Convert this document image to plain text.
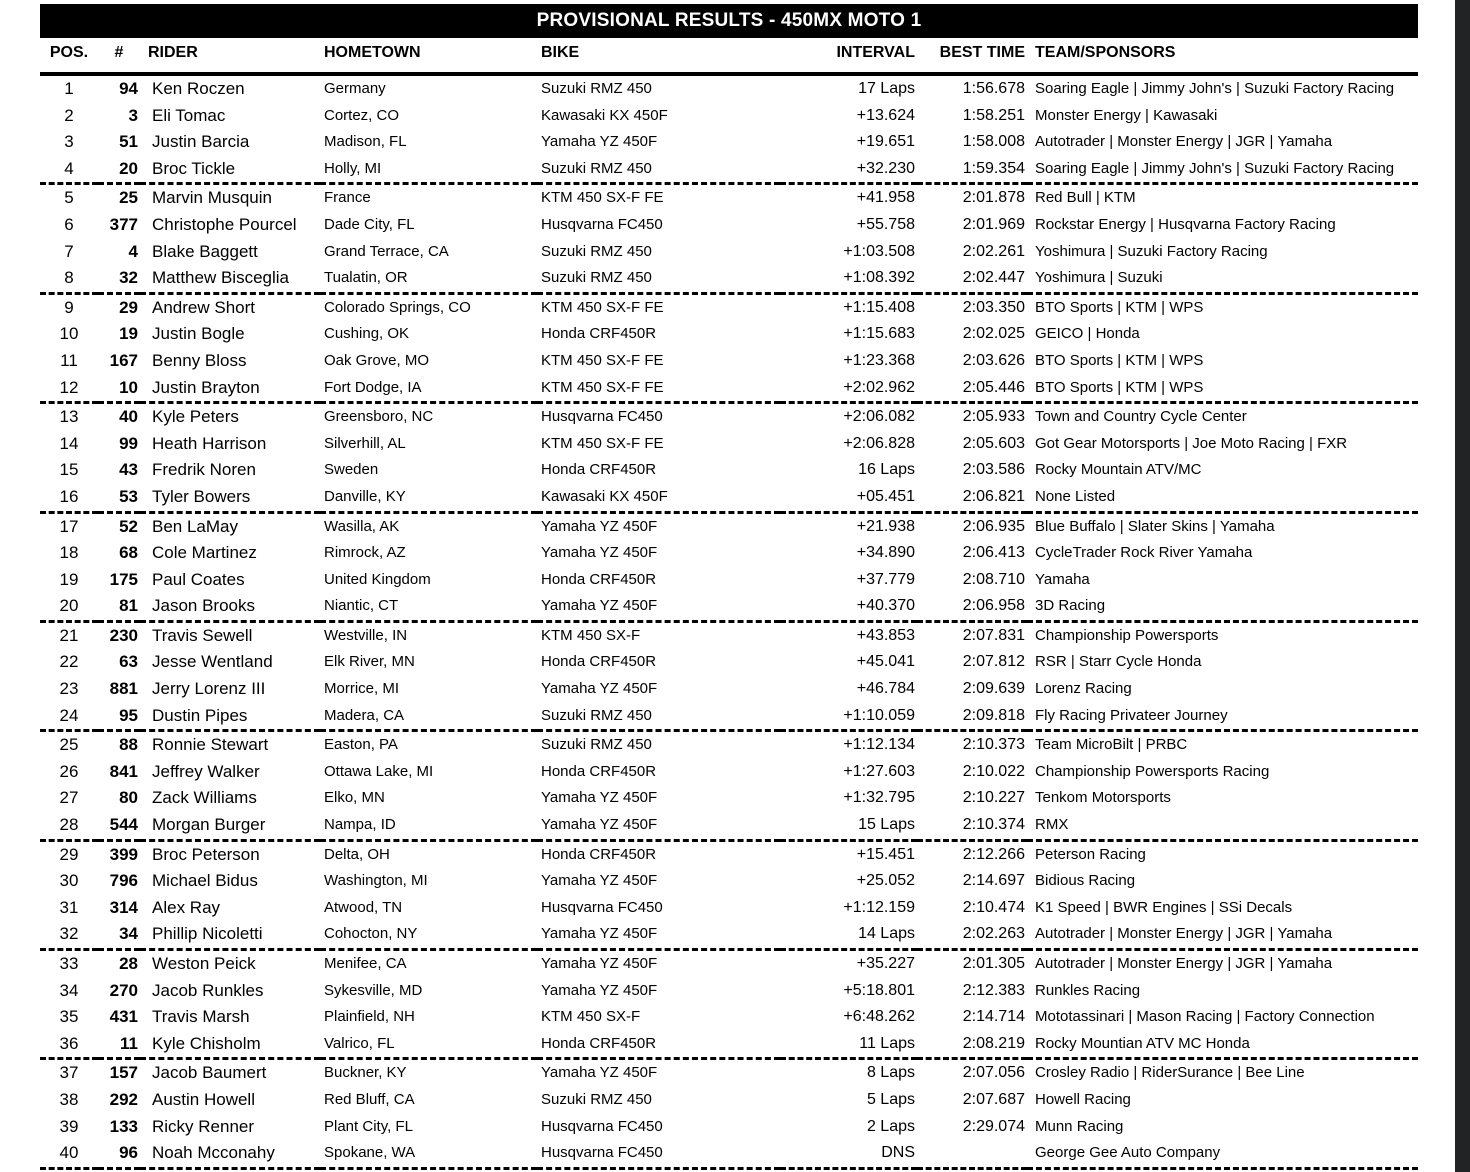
PROVISIONAL RESULTS - 450MX MOTO 1
POS.	#	RIDER	HOMETOWN	BIKE	INTERVAL	BEST TIME	TEAM/SPONSORS
1	94	Ken Roczen	Germany	Suzuki RMZ 450	17 Laps	1:56.678	Soaring Eagle | Jimmy John's | Suzuki Factory Racing
2	3	Eli Tomac	Cortez, CO	Kawasaki KX 450F	+13.624	1:58.251	Monster Energy | Kawasaki
3	51	Justin Barcia	Madison, FL	Yamaha YZ 450F	+19.651	1:58.008	Autotrader | Monster Energy | JGR | Yamaha
4	20	Broc Tickle	Holly, MI	Suzuki RMZ 450	+32.230	1:59.354	Soaring Eagle | Jimmy John's | Suzuki Factory Racing
5	25	Marvin Musquin	France	KTM 450 SX-F FE	+41.958	2:01.878	Red Bull | KTM
6	377	Christophe Pourcel	Dade City, FL	Husqvarna FC450	+55.758	2:01.969	Rockstar Energy | Husqvarna Factory Racing
7	4	Blake Baggett	Grand Terrace, CA	Suzuki RMZ 450	+1:03.508	2:02.261	Yoshimura | Suzuki Factory Racing
8	32	Matthew Bisceglia	Tualatin, OR	Suzuki RMZ 450	+1:08.392	2:02.447	Yoshimura | Suzuki
9	29	Andrew Short	Colorado Springs, CO	KTM 450 SX-F FE	+1:15.408	2:03.350	BTO Sports | KTM | WPS
10	19	Justin Bogle	Cushing, OK	Honda CRF450R	+1:15.683	2:02.025	GEICO | Honda
11	167	Benny Bloss	Oak Grove, MO	KTM 450 SX-F FE	+1:23.368	2:03.626	BTO Sports | KTM | WPS
12	10	Justin Brayton	Fort Dodge, IA	KTM 450 SX-F FE	+2:02.962	2:05.446	BTO Sports | KTM | WPS
13	40	Kyle Peters	Greensboro, NC	Husqvarna FC450	+2:06.082	2:05.933	Town and Country Cycle Center
14	99	Heath Harrison	Silverhill, AL	KTM 450 SX-F FE	+2:06.828	2:05.603	Got Gear Motorsports | Joe Moto Racing | FXR
15	43	Fredrik Noren	Sweden	Honda CRF450R	16 Laps	2:03.586	Rocky Mountain ATV/MC
16	53	Tyler Bowers	Danville, KY	Kawasaki KX 450F	+05.451	2:06.821	None Listed
17	52	Ben LaMay	Wasilla, AK	Yamaha YZ 450F	+21.938	2:06.935	Blue Buffalo | Slater Skins | Yamaha
18	68	Cole Martinez	Rimrock, AZ	Yamaha YZ 450F	+34.890	2:06.413	CycleTrader Rock River Yamaha
19	175	Paul Coates	United Kingdom	Honda CRF450R	+37.779	2:08.710	Yamaha
20	81	Jason Brooks	Niantic, CT	Yamaha YZ 450F	+40.370	2:06.958	3D Racing
21	230	Travis Sewell	Westville, IN	KTM 450 SX-F	+43.853	2:07.831	Championship Powersports
22	63	Jesse Wentland	Elk River, MN	Honda CRF450R	+45.041	2:07.812	RSR | Starr Cycle Honda
23	881	Jerry Lorenz III	Morrice, MI	Yamaha YZ 450F	+46.784	2:09.639	Lorenz Racing
24	95	Dustin Pipes	Madera, CA	Suzuki RMZ 450	+1:10.059	2:09.818	Fly Racing Privateer Journey
25	88	Ronnie Stewart	Easton, PA	Suzuki RMZ 450	+1:12.134	2:10.373	Team MicroBilt | PRBC
26	841	Jeffrey Walker	Ottawa Lake, MI	Honda CRF450R	+1:27.603	2:10.022	Championship Powersports Racing
27	80	Zack Williams	Elko, MN	Yamaha YZ 450F	+1:32.795	2:10.227	Tenkom Motorsports
28	544	Morgan Burger	Nampa, ID	Yamaha YZ 450F	15 Laps	2:10.374	RMX
29	399	Broc Peterson	Delta, OH	Honda CRF450R	+15.451	2:12.266	Peterson Racing
30	796	Michael Bidus	Washington, MI	Yamaha YZ 450F	+25.052	2:14.697	Bidious Racing
31	314	Alex Ray	Atwood, TN	Husqvarna FC450	+1:12.159	2:10.474	K1 Speed | BWR Engines | SSi Decals
32	34	Phillip Nicoletti	Cohocton, NY	Yamaha YZ 450F	14 Laps	2:02.263	Autotrader | Monster Energy | JGR | Yamaha
33	28	Weston Peick	Menifee, CA	Yamaha YZ 450F	+35.227	2:01.305	Autotrader | Monster Energy | JGR | Yamaha
34	270	Jacob Runkles	Sykesville, MD	Yamaha YZ 450F	+5:18.801	2:12.383	Runkles Racing
35	431	Travis Marsh	Plainfield, NH	KTM 450 SX-F	+6:48.262	2:14.714	Mototassinari | Mason Racing | Factory Connection
36	11	Kyle Chisholm	Valrico, FL	Honda CRF450R	11 Laps	2:08.219	Rocky Mountian ATV MC Honda
37	157	Jacob Baumert	Buckner, KY	Yamaha YZ 450F	8 Laps	2:07.056	Crosley Radio | RiderSurance | Bee Line
38	292	Austin Howell	Red Bluff, CA	Suzuki RMZ 450	5 Laps	2:07.687	Howell Racing
39	133	Ricky Renner	Plant City, FL	Husqvarna FC450	2 Laps	2:29.074	Munn Racing
40	96	Noah Mcconahy	Spokane, WA	Husqvarna FC450	DNS		George Gee Auto Company
